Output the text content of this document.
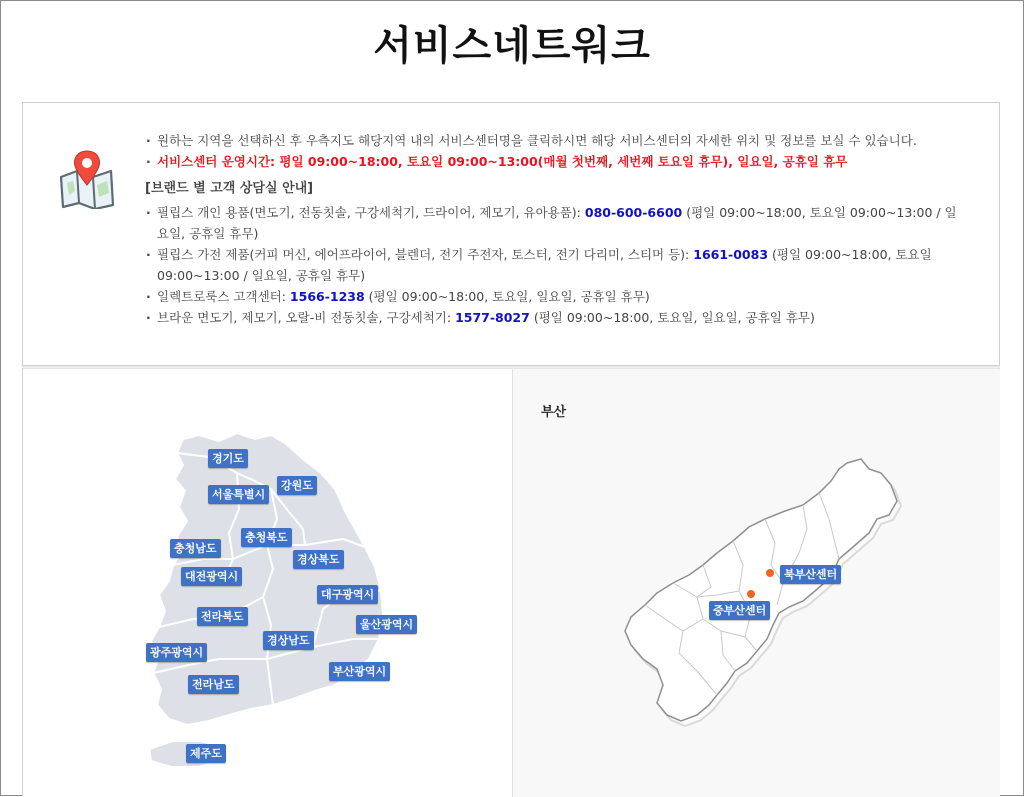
서비스네트워크
· 원하는 지역을 선택하신 후 우측지도 해당지역 내의 서비스센터명을 클릭하시면 해당 서비스센터의 자세한 위치 및 정보를 보실 수 있습니다.
· 서비스센터 운영시간: 평일 09:00~18:00, 토요일 09:00~13:00(매월 첫번째, 세번째 토요일 휴무), 일요일, 공휴일 휴무
[브랜드 별 고객 상담실 안내]
· 필립스 개인 용품(면도기, 전동칫솔, 구강세척기, 드라이어, 제모기, 유아용품): 080-600-6600 (평일 09:00~18:00, 토요일 09:00~13:00 / 일요일, 공휴일 휴무)
· 필립스 가전 제품(커피 머신, 에어프라이어, 블렌더, 전기 주전자, 토스터, 전기 다리미, 스티머 등): 1661-0083 (평일 09:00~18:00, 토요일 09:00~13:00 / 일요일, 공휴일 휴무)
· 일렉트로룩스 고객센터: 1566-1238 (평일 09:00~18:00, 토요일, 일요일, 공휴일 휴무)
· 브라운 면도기, 제모기, 오랄-비 전동칫솔, 구강세척기: 1577-8027 (평일 09:00~18:00, 토요일, 일요일, 공휴일 휴무)
경기도
서울특별시
강원도
충청북도
충청남도
경상북도
대전광역시
대구광역시
전라북도
울산광역시
경상남도
광주광역시
부산광역시
전라남도
제주도
부산
북부산센터
중부산센터
